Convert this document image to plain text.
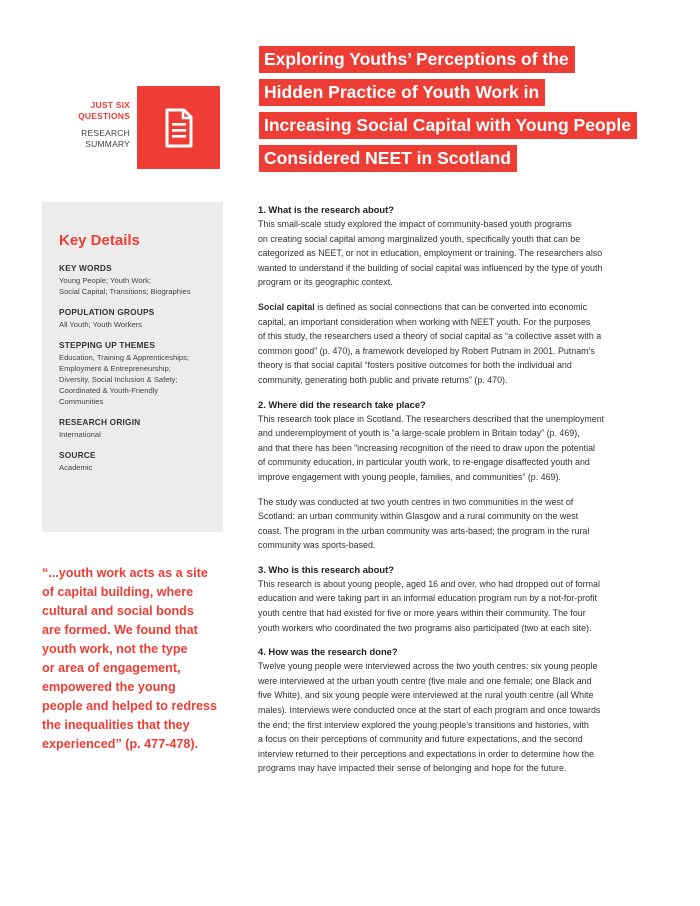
JUST SIX
QUESTIONS
RESEARCH
SUMMARY
Exploring Youths’ Perceptions of the
Hidden Practice of Youth Work in
Increasing Social Capital with Young People
Considered NEET in Scotland
Key Details
KEY WORDS
Young People; Youth Work;
Social Capital; Transitions; Biographies
POPULATION GROUPS
All Youth; Youth Workers
STEPPING UP THEMES
Education, Training & Apprenticeships;
Employment & Entrepreneurship;
Diversity, Social Inclusion & Safety;
Coordinated & Youth-Friendly
Communities
RESEARCH ORIGIN
International
SOURCE
Academic
“...youth work acts as a site
of capital building, where
cultural and social bonds
are formed. We found that
youth work, not the type
or area of engagement,
empowered the young
people and helped to redress
the inequalities that they
experienced” (p. 477-478).
1. What is the research about?

This small-scale study explored the impact of community-based youth programs
on creating social capital among marginalized youth, specifically youth that can be
categorized as NEET, or not in education, employment or training. The researchers also
wanted to understand if the building of social capital was influenced by the type of youth
program or its geographic context.

Social capital is defined as social connections that can be converted into economic
capital, an important consideration when working with NEET youth. For the purposes
of this study, the researchers used a theory of social capital as “a collective asset with a
common good” (p. 470), a framework developed by Robert Putnam in 2001. Putnam’s
theory is that social capital “fosters positive outcomes for both the individual and
community, generating both public and private returns” (p. 470).

2. Where did the research take place?

This research took place in Scotland. The researchers described that the unemployment
and underemployment of youth is “a large-scale problem in Britain today” (p. 469),
and that there has been “increasing recognition of the need to draw upon the potential
of community education, in particular youth work, to re-engage disaffected youth and
improve engagement with young people, families, and communities” (p. 469).

The study was conducted at two youth centres in two communities in the west of
Scotland: an urban community within Glasgow and a rural community on the west
coast. The program in the urban community was arts-based; the program in the rural
community was sports-based.

3. Who is this research about?

This research is about young people, aged 16 and over, who had dropped out of formal
education and were taking part in an informal education program run by a not-for-profit
youth centre that had existed for five or more years within their community. The four
youth workers who coordinated the two programs also participated (two at each site).

4. How was the research done?

Twelve young people were interviewed across the two youth centres: six young people
were interviewed at the urban youth centre (five male and one female; one Black and
five White), and six young people were interviewed at the rural youth centre (all White
males). Interviews were conducted once at the start of each program and once towards
the end; the first interview explored the young people’s transitions and histories, with
a focus on their perceptions of community and future expectations, and the second
interview returned to their perceptions and expectations in order to determine how the
programs may have impacted their sense of belonging and hope for the future.
